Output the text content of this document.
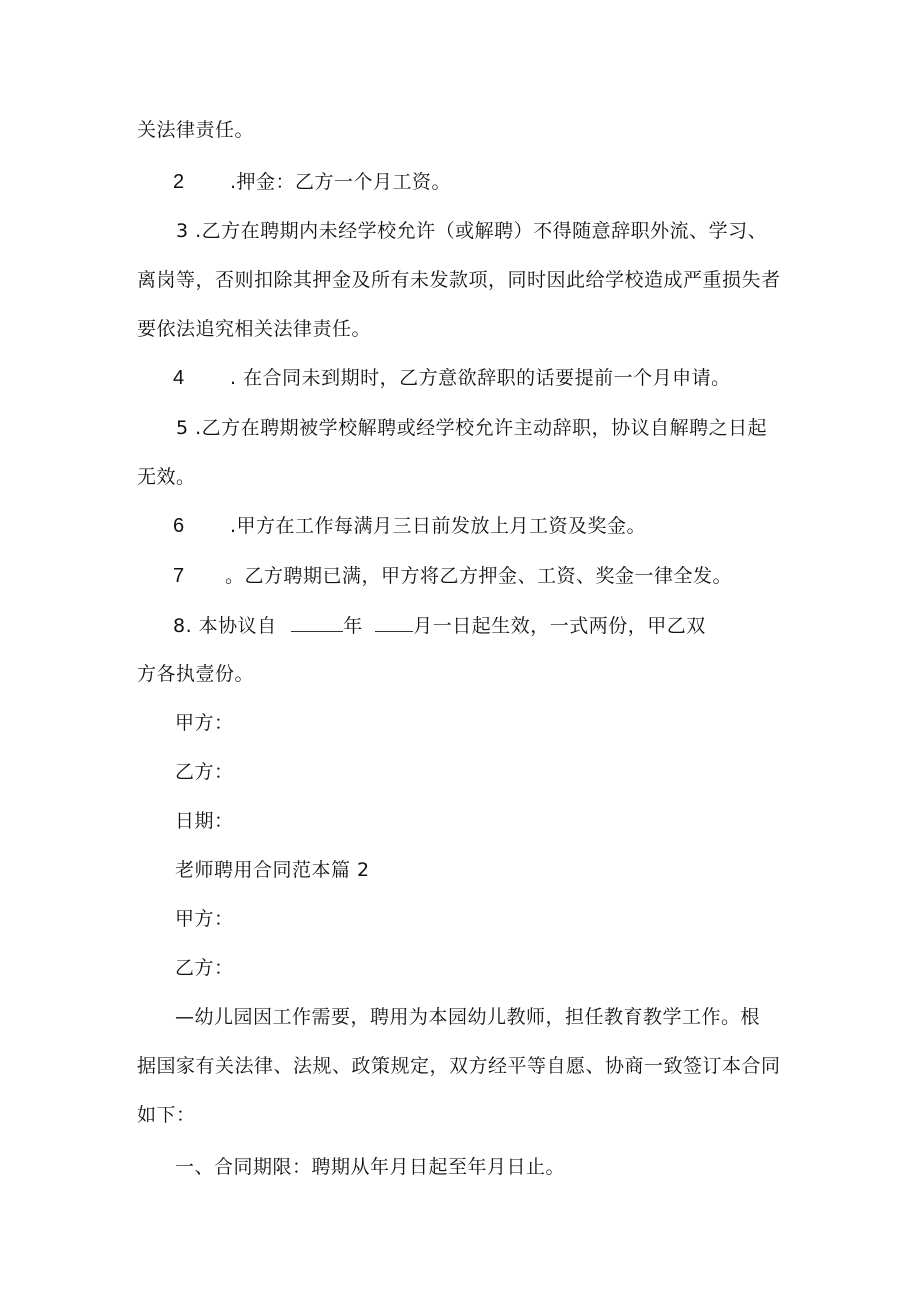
关法律责任。
2 .押金：乙方一个月工资。
3 .乙方在聘期内未经学校允许（或解聘）不得随意辞职外流、学习、
离岗等，否则扣除其押金及所有未发款项，同时因此给学校造成严重损失者
要依法追究相关法律责任。
4 . 在合同未到期时，乙方意欲辞职的话要提前一个月申请。
5 .乙方在聘期被学校解聘或经学校允许主动辞职，协议自解聘之日起
无效。
6 .甲方在工作每满月三日前发放上月工资及奖金。
7 。乙方聘期已满，甲方将乙方押金、工资、奖金一律全发。
8. 本协议自	年	月一日起生效，一式两份，甲乙双
方各执壹份。
甲方：
乙方：
日期：
老师聘用合同范本篇 2
甲方：
乙方：
—幼儿园因工作需要，聘用为本园幼儿教师，担任教育教学工作。根
据国家有关法律、法规、政策规定，双方经平等自愿、协商一致签订本合同
如下：
一、合同期限：聘期从年月日起至年月日止。
